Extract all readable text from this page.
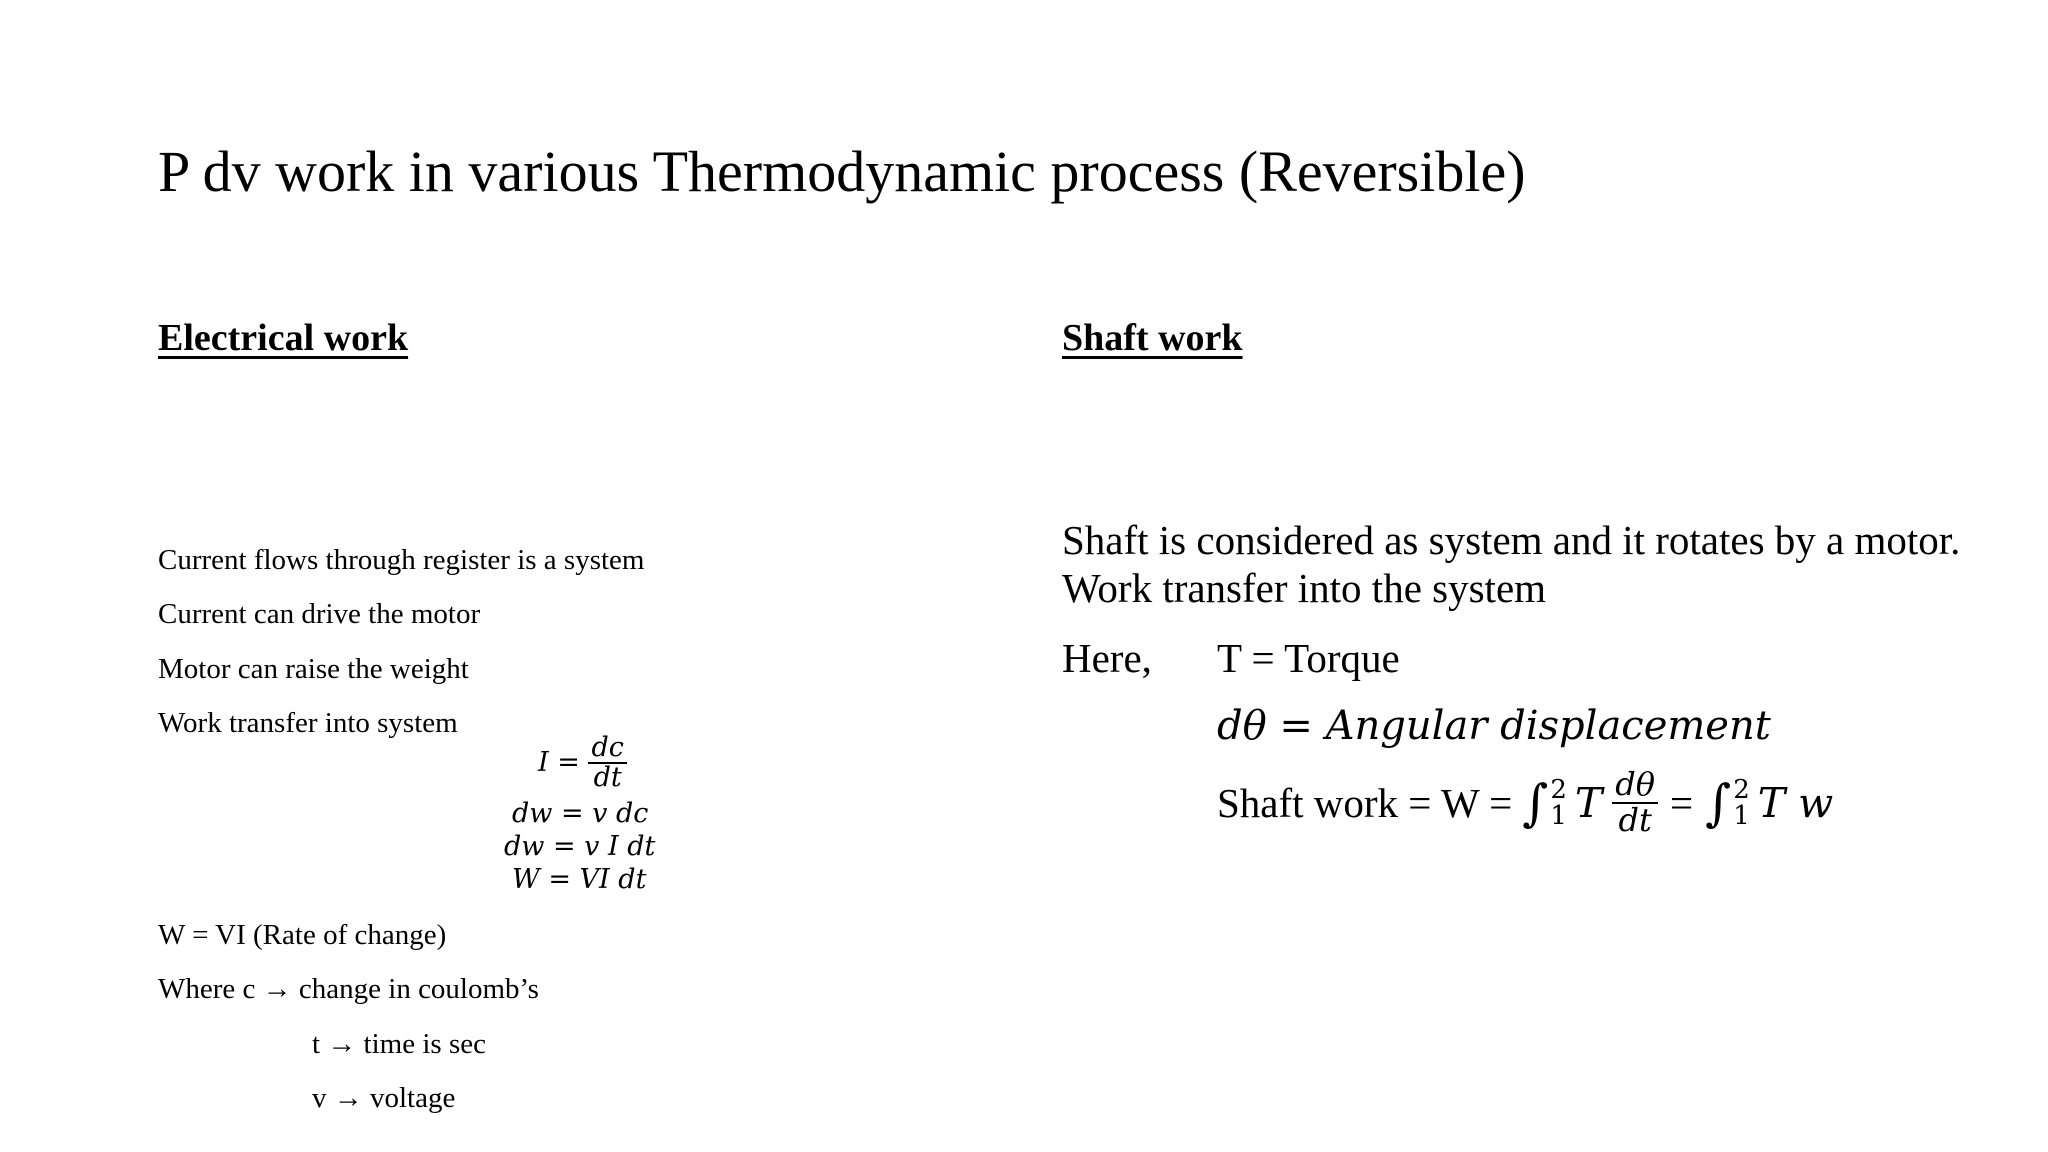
P dv work in various Thermodynamic process (Reversible)
Electrical work
Current flows through register is a system
Current can drive the motor
Motor can raise the weight
Work transfer into system
$I = \frac{dc}{dt}$
dw = v dc
dw = v I dt
W = VI dt
W = VI (Rate of change)
Where c → change in coulomb’s
t → time is sec
v → voltage
Shaft work
Shaft is considered as system and it rotates by a motor. Work transfer into the system
Here, T = Torque
dθ = Angular displacement
Shaft work = W = ∫ 2
1 T $\frac{d\theta}{dt}$ = ∫ 2
1 T w
